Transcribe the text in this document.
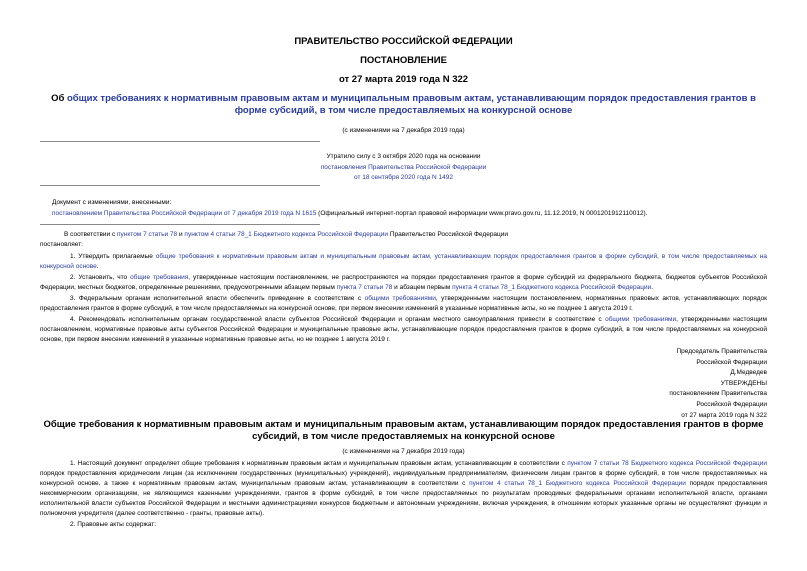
ПРАВИТЕЛЬСТВО РОССИЙСКОЙ ФЕДЕРАЦИИ
ПОСТАНОВЛЕНИЕ
от 27 марта 2019 года N 322
Об общих требованиях к нормативным правовым актам и муниципальным правовым актам, устанавливающим порядок предоставления грантов в форме субсидий, в том числе предоставляемых на конкурсной основе
(с изменениями на 7 декабря 2019 года)
Утратило силу с 3 октября 2020 года на основании
постановления Правительства Российской Федерации
от 18 сентября 2020 года N 1492
Документ с изменениями, внесенными:
постановлением Правительства Российской Федерации от 7 декабря 2019 года N 1615 (Официальный интернет-портал правовой информации www.pravo.gov.ru, 11.12.2019, N 0001201912110012).
В соответствии с пунктом 7 статьи 78 и пунктом 4 статьи 78_1 Бюджетного кодекса Российской Федерации Правительство Российской Федерации
постановляет:
1. Утвердить прилагаемые общие требования к нормативным правовым актам и муниципальным правовым актам, устанавливающим порядок предоставления грантов в форме субсидий, в том числе предоставляемых на конкурсной основе.
2. Установить, что общие требования, утвержденные настоящим постановлением, не распространяются на порядки предоставления грантов в форме субсидий из федерального бюджета, бюджетов субъектов Российской Федерации, местных бюджетов, определенные решениями, предусмотренными абзацем первым пункта 7 статьи 78 и абзацем первым пункта 4 статьи 78_1 Бюджетного кодекса Российской Федерации.
3. Федеральным органам исполнительной власти обеспечить приведение в соответствие с общими требованиями, утвержденными настоящим постановлением, нормативных правовых актов, устанавливающих порядок предоставления грантов в форме субсидий, в том числе предоставляемых на конкурсной основе, при первом внесении изменений в указанные нормативные акты, но не позднее 1 августа 2019 г.
4. Рекомендовать исполнительным органам государственной власти субъектов Российской Федерации и органам местного самоуправления привести в соответствие с общими требованиями, утвержденными настоящим постановлением, нормативные правовые акты субъектов Российской Федерации и муниципальные правовые акты, устанавливающие порядок предоставления грантов в форме субсидий, в том числе предоставляемых на конкурсной основе, при первом внесении изменений в указанные нормативные правовые акты, но не позднее 1 августа 2019 г.
Председатель Правительства
Российской Федерации
Д.Медведев
УТВЕРЖДЕНЫ
постановлением Правительства
Российской Федерации
от 27 марта 2019 года N 322
Общие требования к нормативным правовым актам и муниципальным правовым актам, устанавливающим порядок предоставления грантов в форме субсидий, в том числе предоставляемых на конкурсной основе
(с изменениями на 7 декабря 2019 года)
1. Настоящий документ определяет общие требования к нормативным правовым актам и муниципальным правовым актам, устанавливающим в соответствии с пунктом 7 статьи 78 Бюджетного кодекса Российской Федерации порядок предоставления юридическим лицам (за исключением государственных (муниципальных) учреждений), индивидуальным предпринимателям, физическим лицам грантов в форме субсидий, в том числе предоставляемых на конкурсной основе, а также к нормативным правовым актам, муниципальным правовым актам, устанавливающим в соответствии с пунктом 4 статьи 78_1 Бюджетного кодекса Российской Федерации порядок предоставления некоммерческим организациям, не являющимся казенными учреждениями, грантов в форме субсидий, в том числе предоставляемых по результатам проводимых федеральными органами исполнительной власти, органами исполнительной власти субъектов Российской Федерации и местными администрациями конкурсов бюджетным и автономным учреждениям, включая учреждения, в отношении которых указанные органы не осуществляют функции и полномочия учредителя (далее соответственно - гранты, правовые акты).
2. Правовые акты содержат:
